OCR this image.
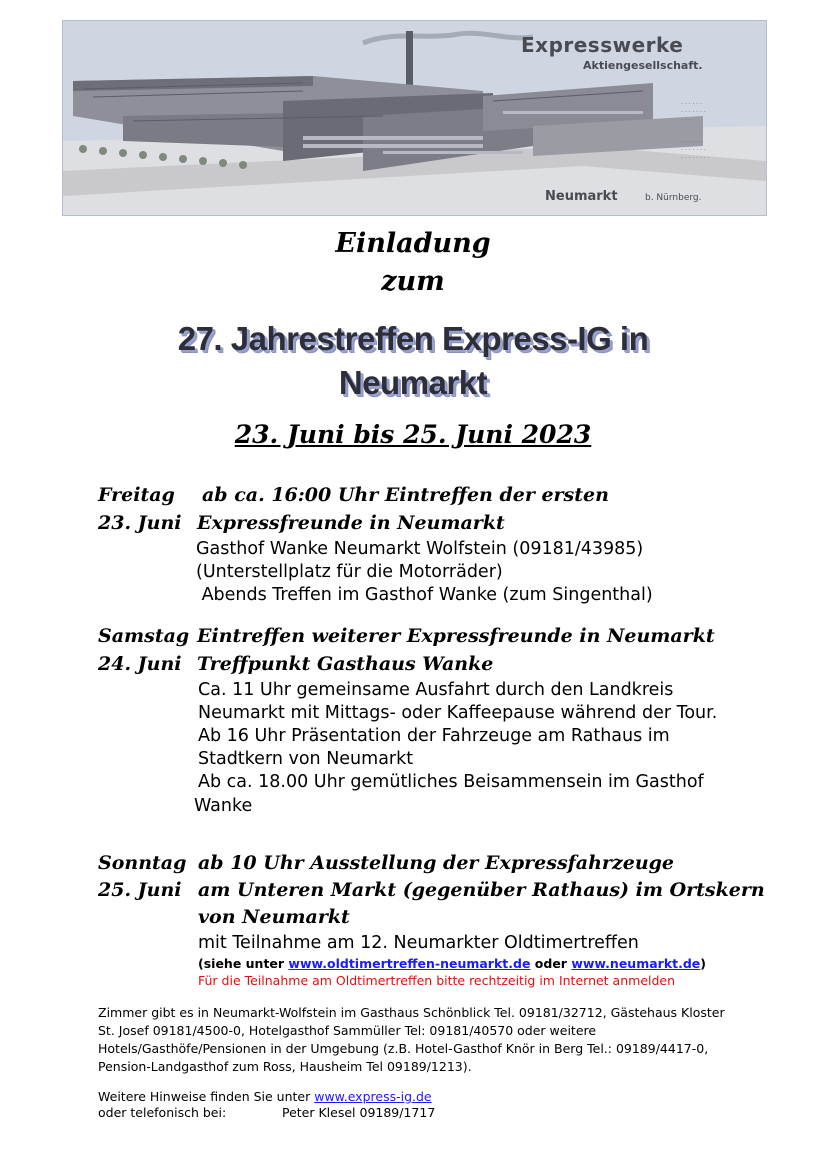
Expresswerke
Aktiengesellschaft.
· · · · · ·
· · · · · · ·
· · ·
· · · · · ·
· · · · · · ·
· · · · · · · ·
Neumarkt	b. Nürnberg.
Einladung
zum
27. Jahrestreffen Express-IG in
Neumarkt
23. Juni bis 25. Juni 2023
Freitag ab ca. 16:00 Uhr Eintreffen der ersten
23. Juni Expressfreunde in Neumarkt
Gasthof Wanke Neumarkt Wolfstein (09181/43985)
(Unterstellplatz für die Motorräder)
Abends Treffen im Gasthof Wanke (zum Singenthal)
Samstag Eintreffen weiterer Expressfreunde in Neumarkt
24. Juni Treffpunkt Gasthaus Wanke
Ca. 11 Uhr gemeinsame Ausfahrt durch den Landkreis
Neumarkt mit Mittags- oder Kaffeepause während der Tour.
Ab 16 Uhr Präsentation der Fahrzeuge am Rathaus im
Stadtkern von Neumarkt
Ab ca. 18.00 Uhr gemütliches Beisammensein im Gasthof
Wanke
Sonntag ab 10 Uhr Ausstellung der Expressfahrzeuge
25. Juni am Unteren Markt (gegenüber Rathaus) im Ortskern
von Neumarkt
mit Teilnahme am 12. Neumarkter Oldtimertreffen
(siehe unter www.oldtimertreffen-neumarkt.de oder www.neumarkt.de)
Für die Teilnahme am Oldtimertreffen bitte rechtzeitig im Internet anmelden
Zimmer gibt es in Neumarkt-Wolfstein im Gasthaus Schönblick Tel. 09181/32712, Gästehaus Kloster
St. Josef 09181/4500-0, Hotelgasthof Sammüller Tel: 09181/40570 oder weitere
Hotels/Gasthöfe/Pensionen in der Umgebung (z.B. Hotel-Gasthof Knör in Berg Tel.: 09189/4417-0,
Pension-Landgasthof zum Ross, Hausheim Tel 09189/1213).
Weitere Hinweise finden Sie unter www.express-ig.de
oder telefonisch bei:	Peter Klesel 09189/1717
